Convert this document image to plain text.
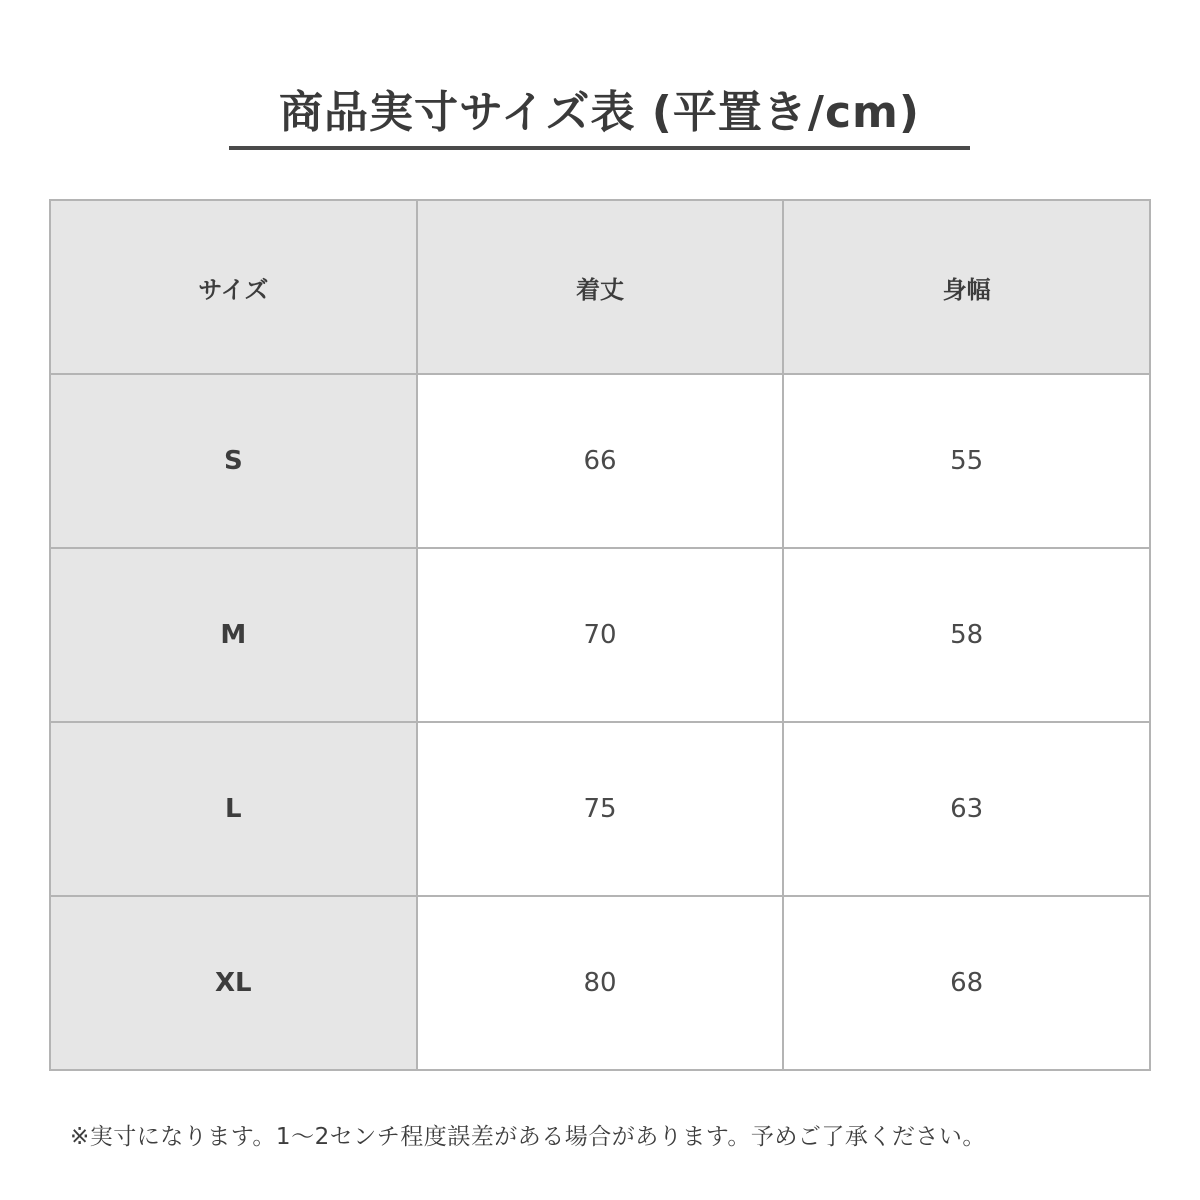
商品実寸サイズ表 (平置き/cm)
サイズ	着丈	身幅
S	66	55
M	70	58
L	75	63
XL	80	68
※実寸になります。1〜2センチ程度誤差がある場合があります。予めご了承ください。
